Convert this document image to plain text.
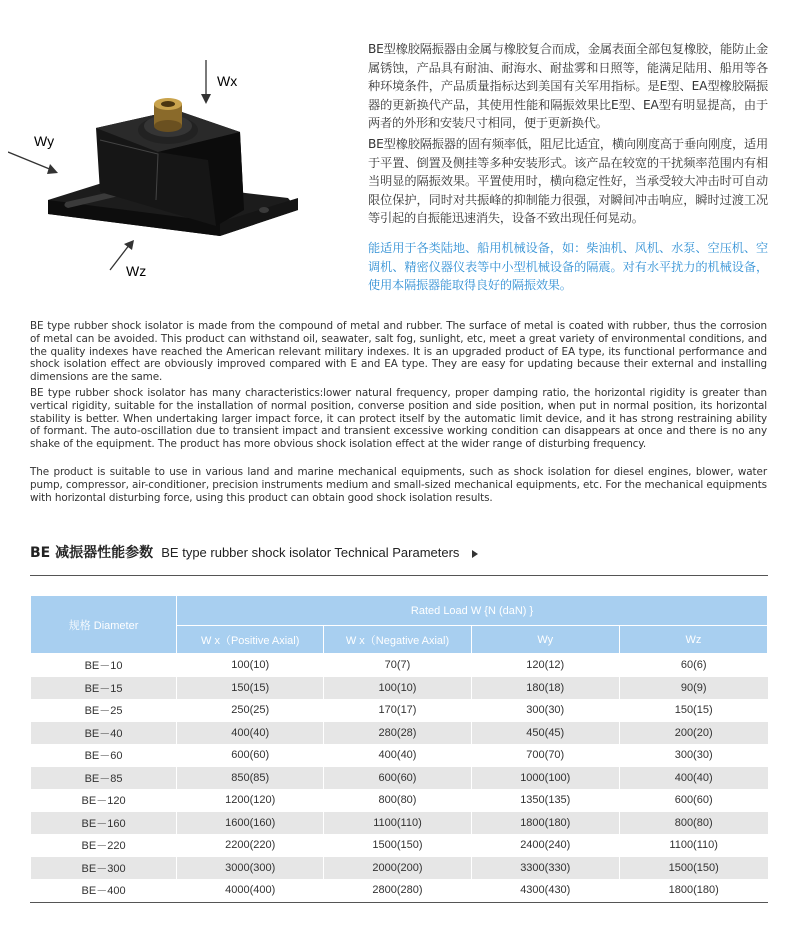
Wx
Wy
Wz
BE型橡胶隔振器由金属与橡胶复合而成，金属表面全部包复橡胶，能防止金属锈蚀，产品具有耐油、耐海水、耐盐雾和日照等，能满足陆用、船用等各种环境条件，产品质量指标达到美国有关军用指标。是E型、EA型橡胶隔振器的更新换代产品，其使用性能和隔振效果比E型、EA型有明显提高，由于两者的外形和安装尺寸相同，便于更新换代。
BE型橡胶隔振器的固有频率低，阻尼比适宜，横向刚度高于垂向刚度，适用于平置、倒置及侧挂等多种安装形式。该产品在较宽的干扰频率范围内有相当明显的隔振效果。平置使用时，横向稳定性好，当承受较大冲击时可自动限位保护，同时对共振峰的抑制能力很强，对瞬间冲击响应，瞬时过渡工况等引起的自振能迅速消失，设备不致出现任何晃动。
能适用于各类陆地、船用机械设备，如：柴油机、风机、水泵、空压机、空调机、精密仪器仪表等中小型机械设备的隔震。对有水平扰力的机械设备，使用本隔振器能取得良好的隔振效果。
BE type rubber shock isolator is made from the compound of metal and rubber. The surface of metal is coated with rubber, thus the corrosion of metal can be avoided. This product can withstand oil, seawater, salt fog, sunlight, etc, meet a great variety of environmental conditions, and the quality indexes have reached the American relevant military indexes. It is an upgraded product of EA type, its functional performance and shock isolation effect are obviously improved compared with E and EA type. They are easy for updating because their external and installing dimensions are the same.
BE type rubber shock isolator has many characteristics:lower natural frequency, proper damping ratio, the horizontal rigidity is greater than vertical rigidity, suitable for the installation of normal position, converse position and side position, when put in normal position, its horizontal stability is better. When undertaking larger impact force, it can protect itself by the automatic limit device, and it has strong restraining ability of formant. The auto-oscillation due to transient impact and transient excessive working condition can disappears at once and there is no any shake of the equipment. The product has more obvious shock isolation effect at the wider range of disturbing frequency.
The product is suitable to use in various land and marine mechanical equipments, such as shock isolation for diesel engines, blower, water pump, compressor, air-conditioner, precision instruments medium and small-sized mechanical equipments, etc. For the mechanical equipments with horizontal disturbing force, using this product can obtain good shock isolation results.
BE 减振器性能参数 BE type rubber shock isolator Technical Parameters
规格 Diameter	Rated Load W {N (daN) }			
	W x（Positive Axial)	W x（Negative Axial)	Wy	Wz
BE－10	100(10)	70(7)	120(12)	60(6)
BE－15	150(15)	100(10)	180(18)	90(9)
BE－25	250(25)	170(17)	300(30)	150(15)
BE－40	400(40)	280(28)	450(45)	200(20)
BE－60	600(60)	400(40)	700(70)	300(30)
BE－85	850(85)	600(60)	1000(100)	400(40)
BE－120	1200(120)	800(80)	1350(135)	600(60)
BE－160	1600(160)	1100(110)	1800(180)	800(80)
BE－220	2200(220)	1500(150)	2400(240)	1100(110)
BE－300	3000(300)	2000(200)	3300(330)	1500(150)
BE－400	4000(400)	2800(280)	4300(430)	1800(180)
